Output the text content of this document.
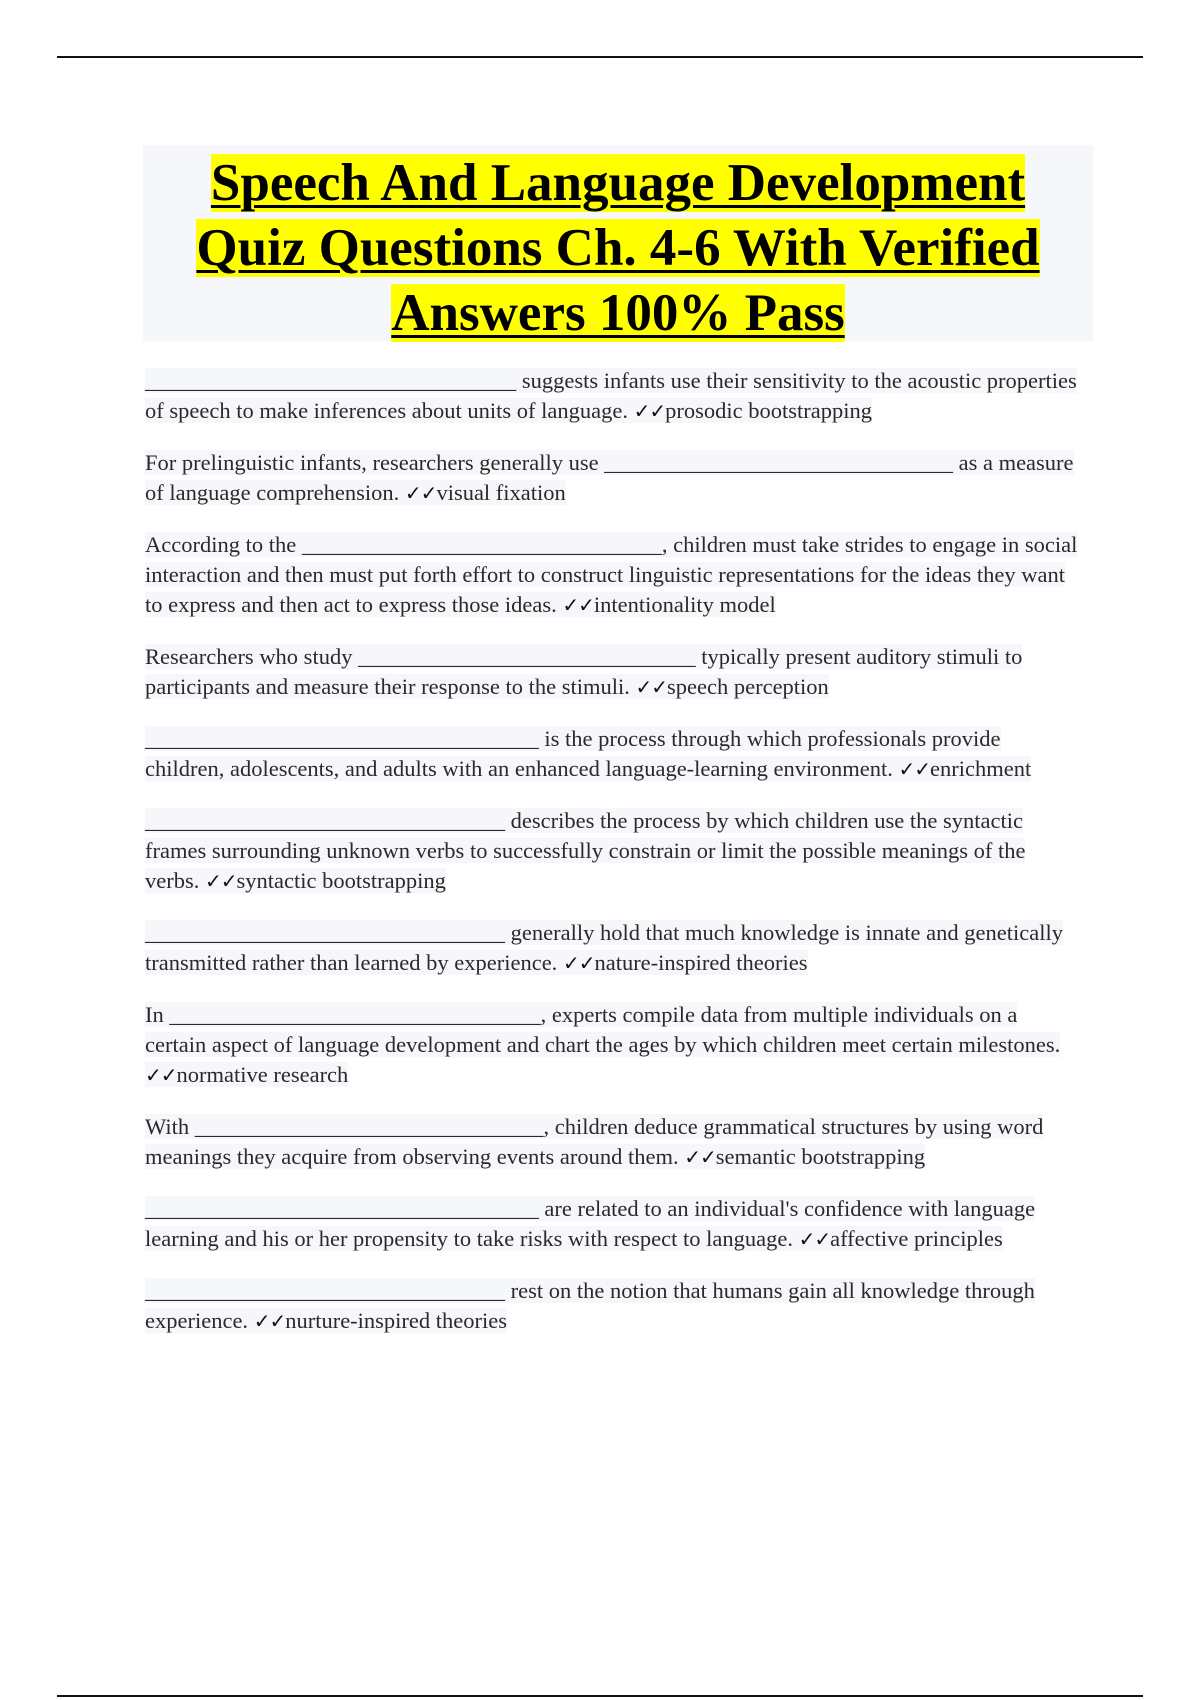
Speech And Language Development
Quiz Questions Ch. 4-6 With Verified
Answers 100% Pass

_________________________________ suggests infants use their sensitivity to the acoustic properties of speech to make inferences about units of language. ✓✓prosodic bootstrapping

For prelinguistic infants, researchers generally use _______________________________ as a measure of language comprehension. ✓✓visual fixation

According to the ________________________________, children must take strides to engage in social interaction and then must put forth effort to construct linguistic representations for the ideas they want to express and then act to express those ideas. ✓✓intentionality model

Researchers who study ______________________________ typically present auditory stimuli to participants and measure their response to the stimuli. ✓✓speech perception

___________________________________ is the process through which professionals provide children, adolescents, and adults with an enhanced language-learning environment. ✓✓enrichment

________________________________ describes the process by which children use the syntactic frames surrounding unknown verbs to successfully constrain or limit the possible meanings of the verbs. ✓✓syntactic bootstrapping

________________________________ generally hold that much knowledge is innate and genetically transmitted rather than learned by experience. ✓✓nature-inspired theories

In _________________________________, experts compile data from multiple individuals on a certain aspect of language development and chart the ages by which children meet certain milestones. ✓✓normative research

With _______________________________, children deduce grammatical structures by using word meanings they acquire from observing events around them. ✓✓semantic bootstrapping

___________________________________ are related to an individual's confidence with language learning and his or her propensity to take risks with respect to language. ✓✓affective principles

________________________________ rest on the notion that humans gain all knowledge through experience. ✓✓nurture-inspired theories
